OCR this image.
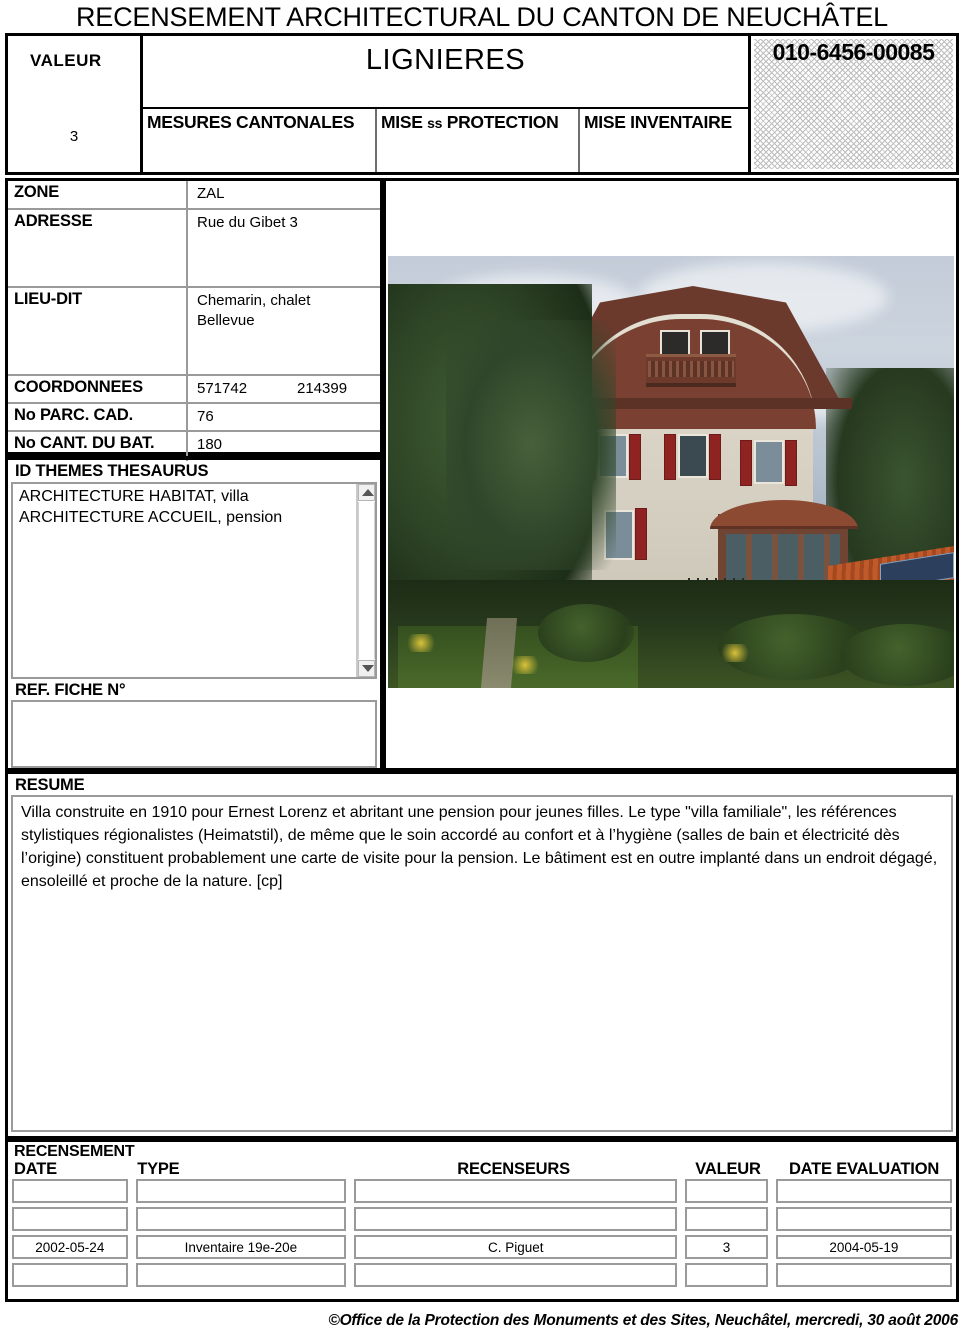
RECENSEMENT ARCHITECTURAL DU CANTON DE NEUCHÂTEL
VALEUR
3
LIGNIERES
MESURES CANTONALES MISE ss PROTECTION MISE INVENTAIRE
010-6456-00085
ZONE	ZAL
ADRESSE	Rue du Gibet 3
LIEU-DIT	Chemarin, chalet Bellevue
COORDONNEES	571742	214399
No PARC. CAD.	76
No CANT. DU BAT.	180
ID THEMES THESAURUS
ARCHITECTURE HABITAT, villa
ARCHITECTURE ACCUEIL, pension
REF. FICHE N°
RESUME
Villa construite en 1910 pour Ernest Lorenz et abritant une pension pour jeunes filles. Le type "villa familiale", les références stylistiques régionalistes (Heimatstil), de même que le soin accordé au confort et à l’hygiène (salles de bain et électricité dès l’origine) constituent probablement une carte de visite pour la pension. Le bâtiment est en outre implanté dans un endroit dégagé, ensoleillé et proche de la nature. [cp]
RECENSEMENT
DATE	TYPE	RECENSEURS	VALEUR	DATE EVALUATION
2002-05-24	Inventaire 19e-20e	C. Piguet	3	2004-05-19
©Office de la Protection des Monuments et des Sites, Neuchâtel, mercredi, 30 août 2006
